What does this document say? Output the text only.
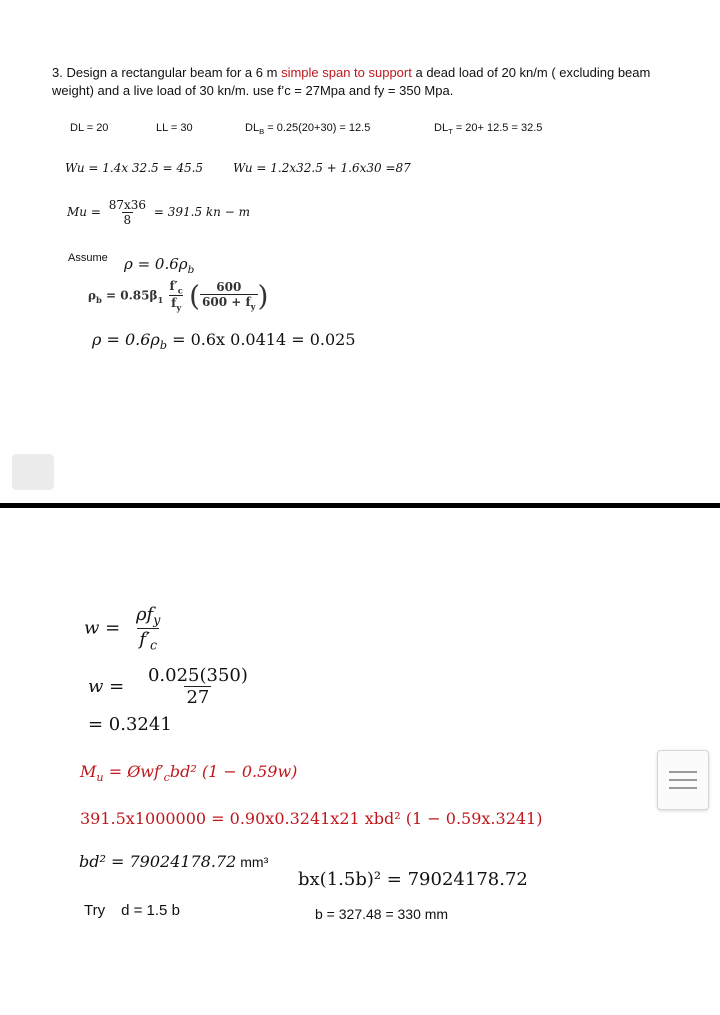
3. Design a rectangular beam for a 6 m simple span to support a dead load of 20 kn/m ( excluding beam weight) and a live load of 30 kn/m. use f’c = 27Mpa and fy = 350 Mpa.
DL = 20	LL = 30	$DL_B = 0.25(20+30) = 12.5$	$DL_T = 20+ 12.5 = 32.5$
Wu = 1.4x 32.5 = 45.5 Wu = 1.2x32.5 + 1.6x30 =87
$Mu = \frac{87x36}{8} = 391.5$ kn − m
Assume $\rho = 0.6\rho_b$
$\rho_b = 0.85\beta_1 \frac{f'_c}{f_y}$ ( $\frac{600}{600 + f_y}$ )
$\rho = 0.6\rho_b = 0.6x$ 0.0414 = 0.025
$w = \frac{\rho f_y}{f'_c}$
$w = \frac{0.025(350)}{27}$
= 0.3241
$M_u$ = $Øwf'_cbd^2$ (1 − 0.59w)
391.5x1000000 = 0.90x0.3241x21 xbd² (1 − 0.59x.3241)
bd² = 79024178.72 mm³
bx(1.5b)² = 79024178.72
Try d = 1.5 b	b = 327.48 = 330 mm
